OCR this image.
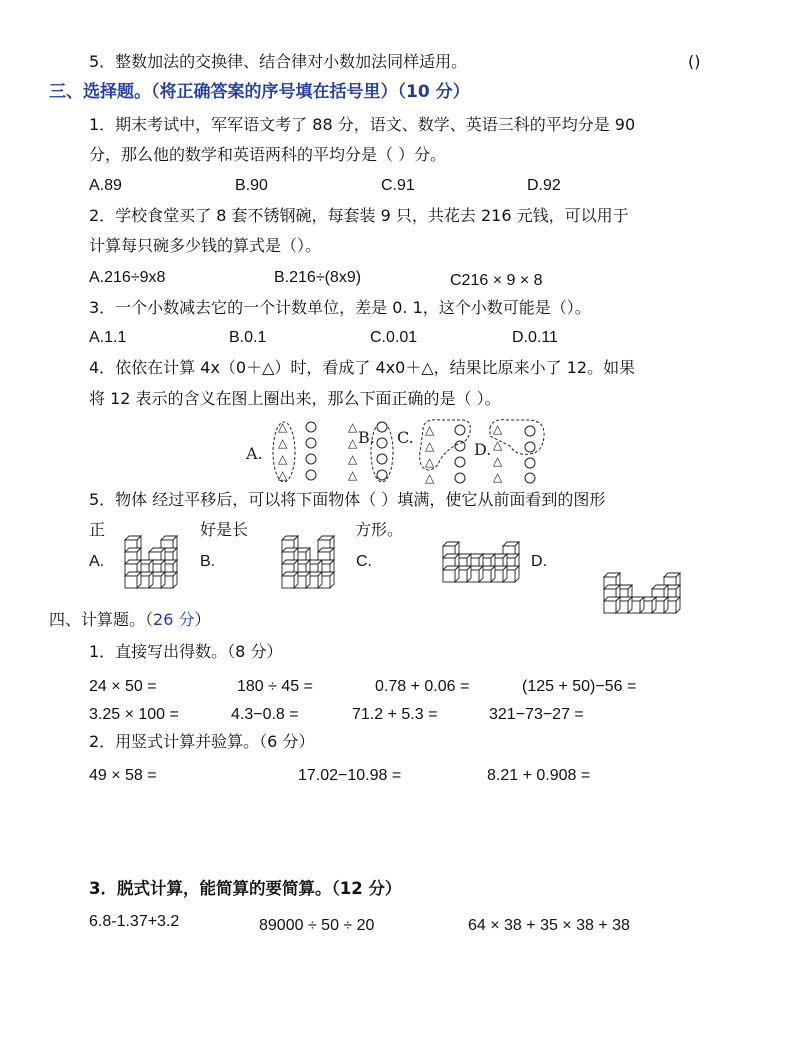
5．整数加法的交换律、结合律对小数加法同样适用。	()
三、选择题。（将正确答案的序号填在括号里）（10 分）
1．期末考试中，军军语文考了 88 分，语文、数学、英语三科的平均分是 90
分，那么他的数学和英语两科的平均分是（ ）分。
A.89	B.90	C.91	D.92
2．学校食堂买了 8 套不锈钢碗，每套装 9 只，共花去 216 元钱，可以用于
计算每只碗多少钱的算式是（）。
A.216÷9x8	B.216÷(8x9)	C216 × 9 × 8
3．一个小数减去它的一个计数单位，差是 0. 1，这个小数可能是（）。
A.1.1	B.0.1	C.0.01	D.0.11
4．依依在计算 4x（0＋△）时，看成了 4x0＋△，结果比原来小了 12。如果
将 12 表示的含义在图上圈出来，那么下面正确的是（ ）。
A.
△
△
△
△
△
△
△
△
B. C. △
△
△
△
D.
△
△
△
△
5．物体 经过平移后，可以将下面物体（ ）填满，使它从前面看到的图形
正	好是长	方形。
A.	B.	C.	D.
四、计算题。（26 分）
1．直接写出得数。（8 分）
24 × 50 =	180 ÷ 45 =	0.78 + 0.06 =	(125 + 50)−56 =
3.25 × 100 =	4.3−0.8 =	71.2 + 5.3 =	321−73−27 =
2．用竖式计算并验算。（6 分）
49 × 58 =	17.02−10.98 =	8.21 + 0.908 =
3．脱式计算，能简算的要简算。（12 分）
6.8-1.37+3.2	89000 ÷ 50 ÷ 20	64 × 38 + 35 × 38 + 38
